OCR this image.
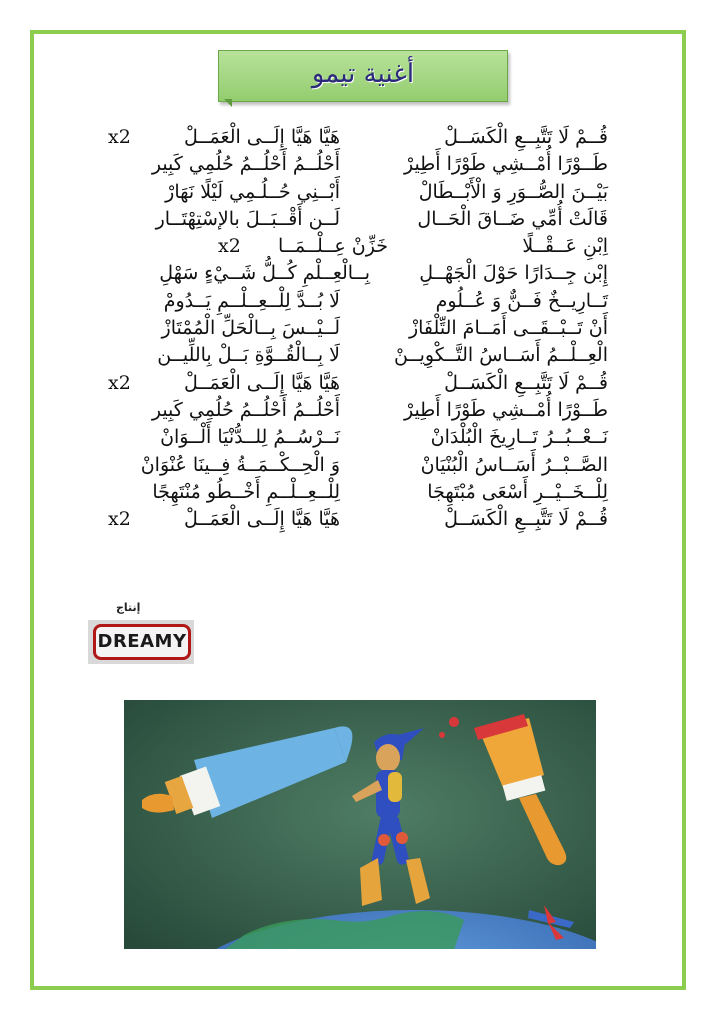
أغنية تيمو
قُــمْ لَا تَتَّبِــعِ الْكَسَــلْ
هَيَّا هَيَّا إِلَــى الْعَمَــلْ
x2
طَــوْرًا أُمْــشِي طَوْرًا أَطِيرْ
أَحْلُــمُ أَحْلُــمُ حُلُمِي كَبِير
بَيْــنَ الصُّــوَرِ وَ الْأَبْــطَالْ
أَبْــنِي حُــلُـمِي لَيْلًا نَهَارْ
قَالَتْ أُمِّي ضَــاقَ الْحَــال
لَــن أَقْــبَــلَ بالإسْتِهْتَــار
اِبْنِ عَــقْــلًا
خَزِّنْ عِــلْــمَــا
x2
إِبْن جِــدَارًا حَوْلَ الْجَهْــلِ
بِــالْعِــلْمِ كُــلُّ شَــيْءٍ سَهْلِ
تَــارِيــخٌ فَــنٌّ وَ عُــلُوم
لَا بُــدَّ لِلْــعِــلْــمِ يَــدُومْ
أَنْ تَــبْــقَــى أَمَــامَ التِّلْفَازْ
لَــيْــسَ بِــالْحَلِّ الْمُمْتَازْ
الْعِــلْــمُ أَسَــاسُ التَّــكْوِيــنْ
لَا بِــالْقُــوَّةِ بَــلْ بِاللِّيــن
قُــمْ لَا تَتَّبِــعِ الْكَسَــلْ
هَيَّا هَيَّا إِلَــى الْعَمَــلْ
x2
طَــوْرًا أُمْــشِي طَوْرًا أَطِيرْ
أَحْلُــمُ أَحْلُــمُ حُلُمِي كَبِير
نَــعْــبُــرُ تَــارِيخَ الْبُلْدَانْ
نَــرْسُــمُ لِلــدُّنْيَا أَلْــوَانْ
الصَّــبْــرُ أَسَــاسُ الْبُنْيَانْ
وَ الْحِــكْــمَــةُ فِــينَا عُنْوَانْ
لِلْــخَــيْــرِ أَسْعَى مُبْتَهِجَا
لِلْــعِــلْــمِ أَخْــطُو مُنْتَهِجًا
قُــمْ لَا تَتَّبِــعِ الْكَسَــلْ
هَيَّا هَيَّا إِلَــى الْعَمَــلْ
x2
إنتاج
DREAMY
